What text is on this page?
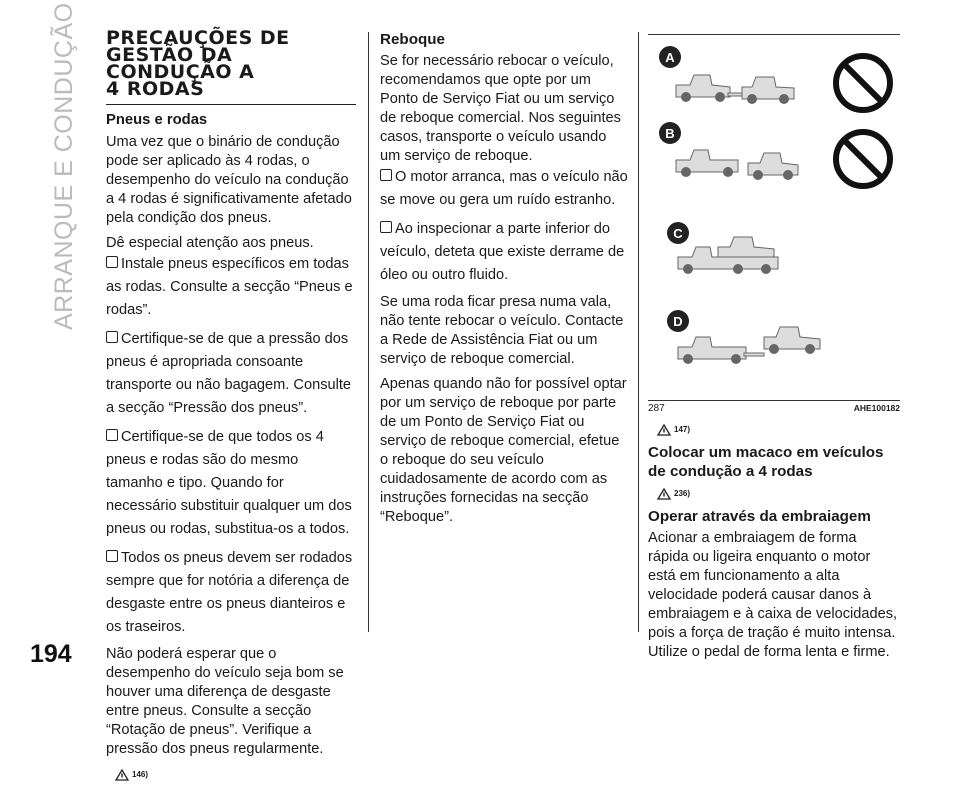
ARRANQUE E CONDUÇÃO
194
PRECAUÇÕES DE
GESTÃO DA
CONDUÇÃO A
4 RODAS
Pneus e rodas

Uma vez que o binário de condução pode ser aplicado às 4 rodas, o desempenho do veículo na condução a 4 rodas é significativamente afetado pela condição dos pneus.

Dê especial atenção aos pneus.

Instale pneus específicos em todas as rodas. Consulte a secção “Pneus e rodas”.
Certifique-se de que a pressão dos pneus é apropriada consoante transporte ou não bagagem. Consulte a secção “Pressão dos pneus”.
Certifique-se de que todos os 4 pneus e rodas são do mesmo tamanho e tipo. Quando for necessário substituir qualquer um dos pneus ou rodas, substitua-os a todos.
Todos os pneus devem ser rodados sempre que for notória a diferença de desgaste entre os pneus dianteiros e os traseiros.

Não poderá esperar que o desempenho do veículo seja bom se houver uma diferença de desgaste entre pneus. Consulte a secção “Rotação de pneus”. Verifique a pressão dos pneus regularmente.

146)
Reboque

Se for necessário rebocar o veículo, recomendamos que opte por um Ponto de Serviço Fiat ou um serviço de reboque comercial. Nos seguintes casos, transporte o veículo usando um serviço de reboque.

O motor arranca, mas o veículo não se move ou gera um ruído estranho.
Ao inspecionar a parte inferior do veículo, deteta que existe derrame de óleo ou outro fluido.

Se uma roda ficar presa numa vala, não tente rebocar o veículo. Contacte a Rede de Assistência Fiat ou um serviço de reboque comercial.

Apenas quando não for possível optar por um serviço de reboque por parte de um Ponto de Serviço Fiat ou serviço de reboque comercial, efetue o reboque do seu veículo cuidadosamente de acordo com as instruções fornecidas na secção “Reboque”.

A
B
C
D
287	AHE100182
147)
Colocar um macaco em veículos de condução a 4 rodas
236)
Operar através da embraiagem

Acionar a embraiagem de forma rápida ou ligeira enquanto o motor está em funcionamento a alta velocidade poderá causar danos à embraiagem e à caixa de velocidades, pois a força de tração é muito intensa. Utilize o pedal de forma lenta e firme.
